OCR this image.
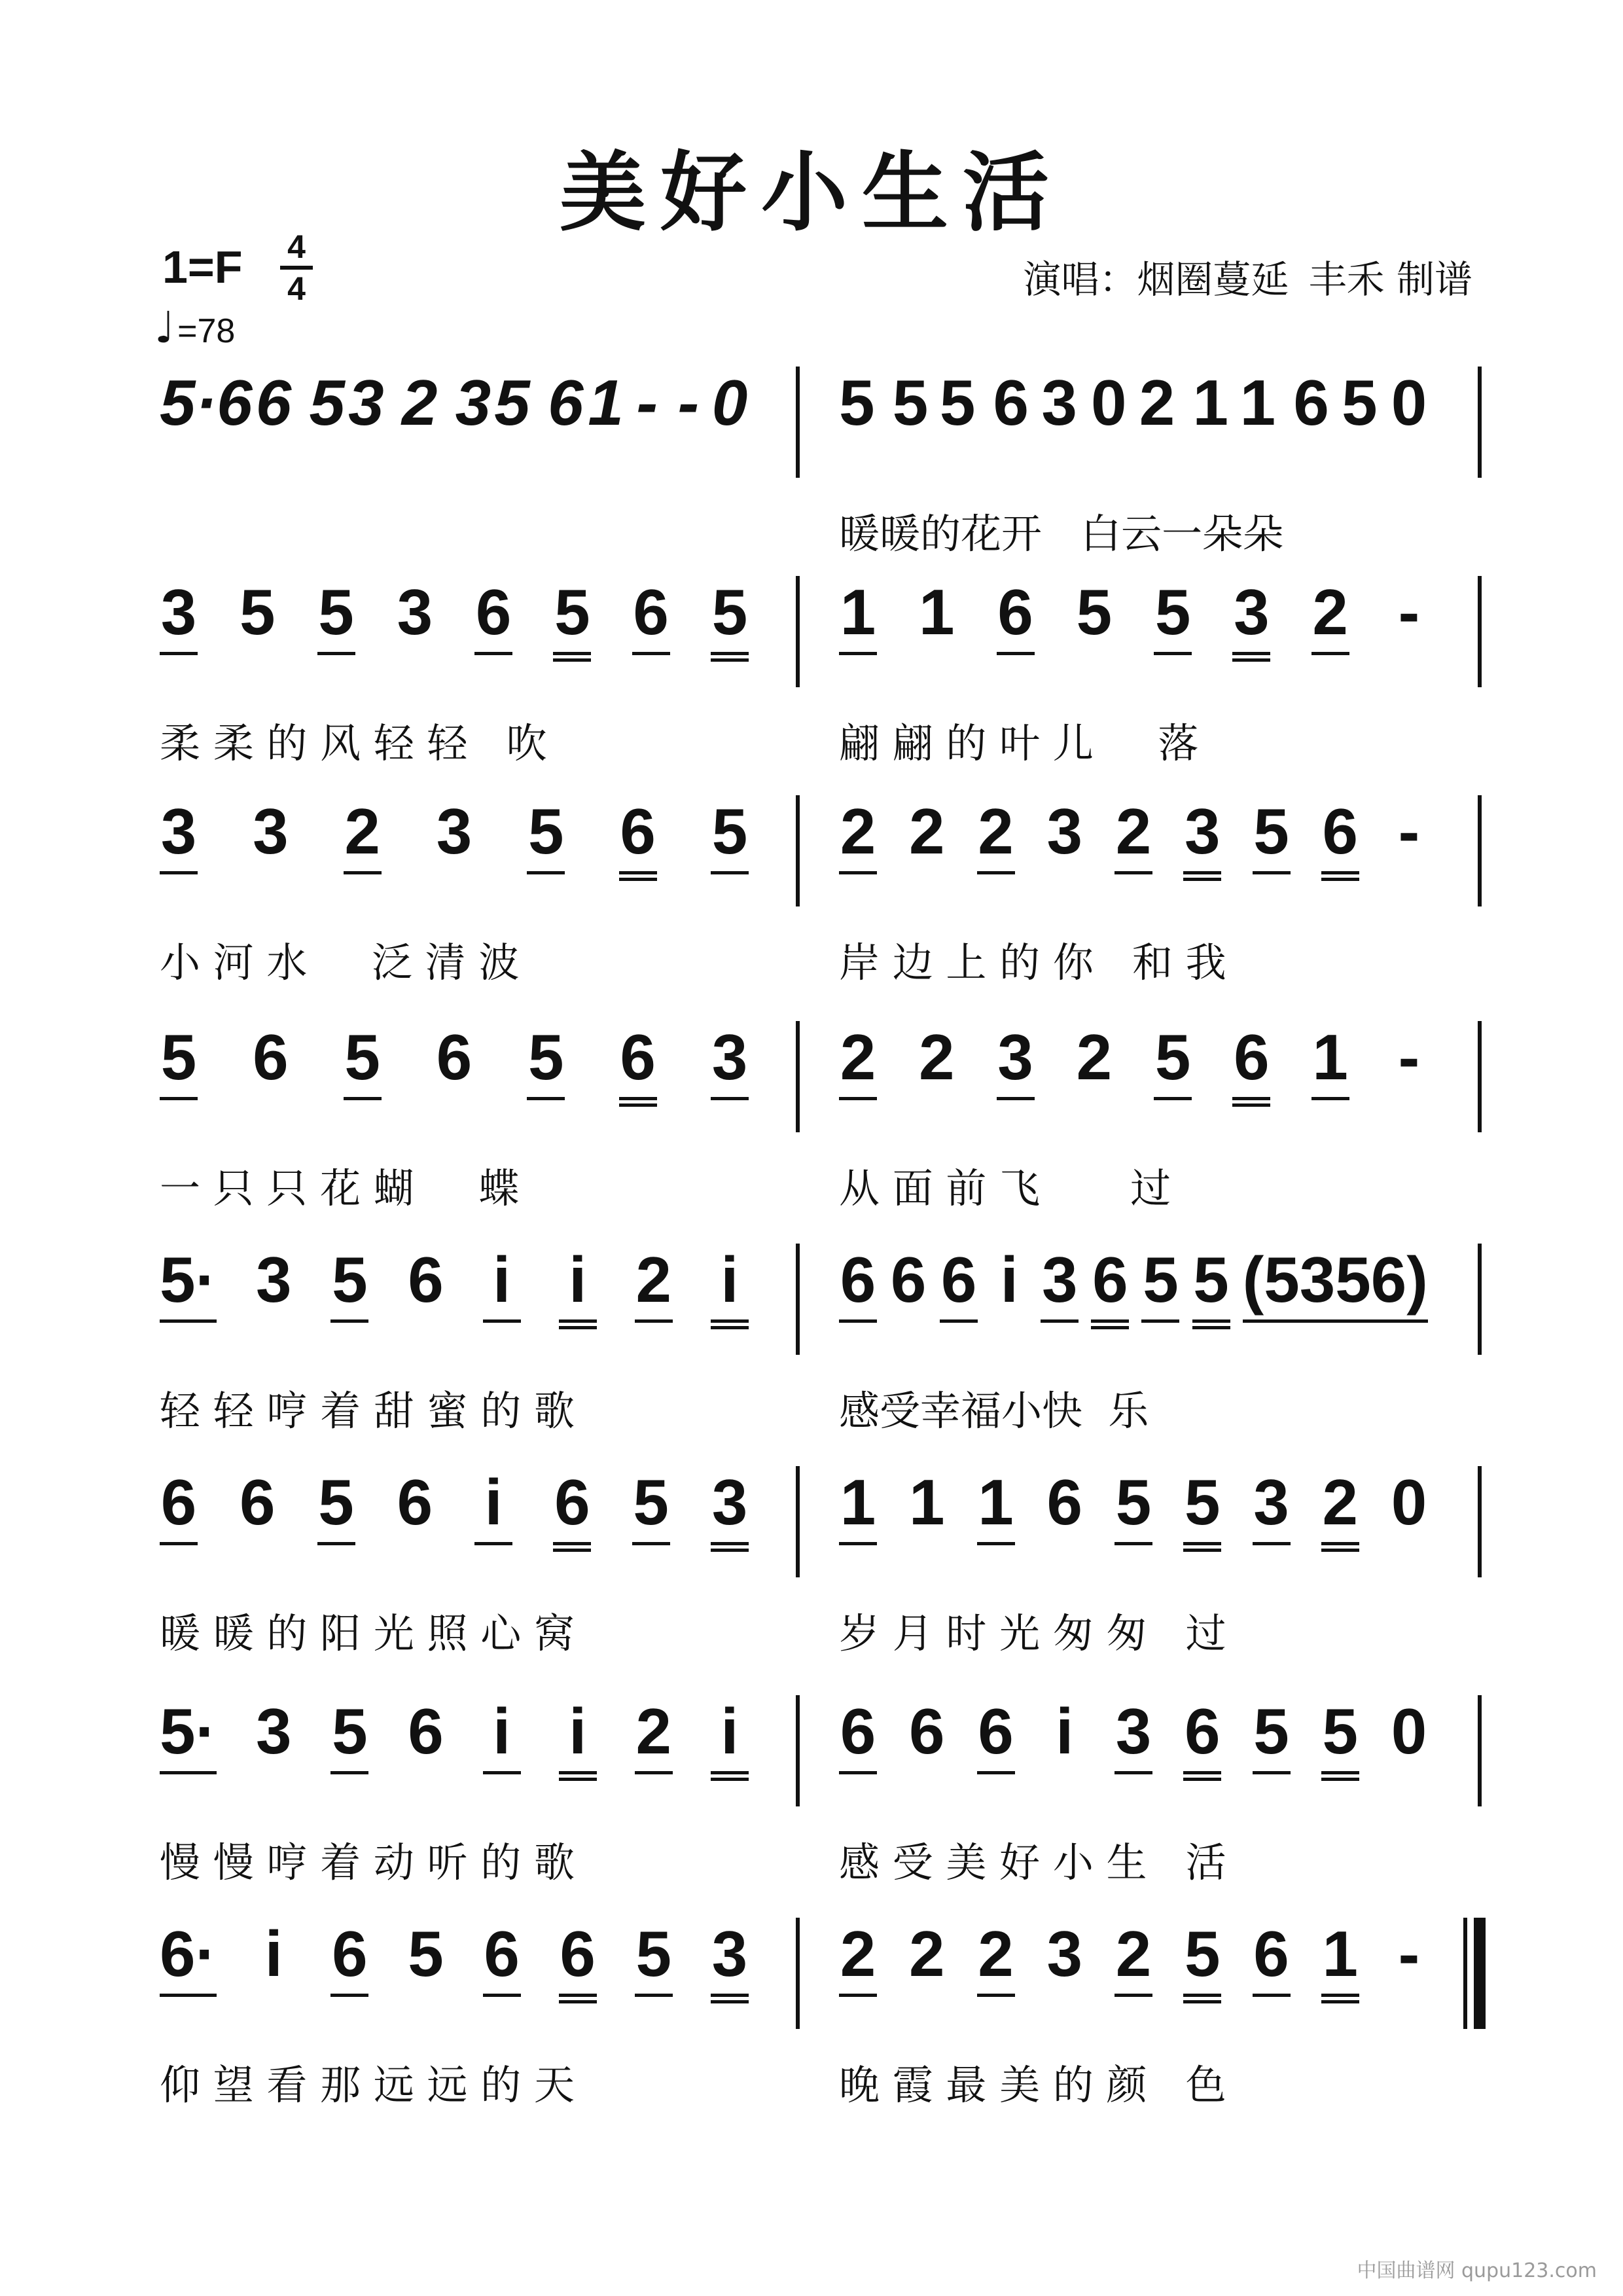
美好小生活
1=F 4
4
♩=78
演唱：烟圈蔓延 丰禾 制谱
5·6 6 5 3 2 3 5 6 1 - - 0 5 5 5 6 3 0 2 1 1 6 5 0
暖暖的花开   白云一朵朵
3 5 5 3 6 5 6 5
柔 柔 的 风 轻 轻   吹
1 1 6 5 5 3 2 -
翩 翩 的 叶 儿     落
3 3 2 3 5 6 5
小 河 水     泛 清 波
2 2 2 3 2 3 5 6 -
岸 边 上 的 你   和 我
5 6 5 6 5 6 3
一 只 只 花 蝴     蝶
2 2 3 2 5 6 1 -
从 面 前 飞       过
5· 3 5 6 i i 2 i
轻 轻 哼 着 甜 蜜 的 歌
6 6 6 i 3 6 5 5 (5356)
感受幸福小快  乐
6 6 5 6 i 6 5 3
暖 暖 的 阳 光 照 心 窝
1 1 1 6 5 5 3 2 0
岁 月 时 光 匆 匆   过
5· 3 5 6 i i 2 i
慢 慢 哼 着 动 听 的 歌
6 6 6 i 3 6 5 5 0
感 受 美 好 小 生   活
6· i 6 5 6 6 5 3
仰 望 看 那 远 远 的 天
2 2 2 3 2 5 6 1 -
晚 霞 最 美 的 颜   色
中国曲谱网 qupu123.com
